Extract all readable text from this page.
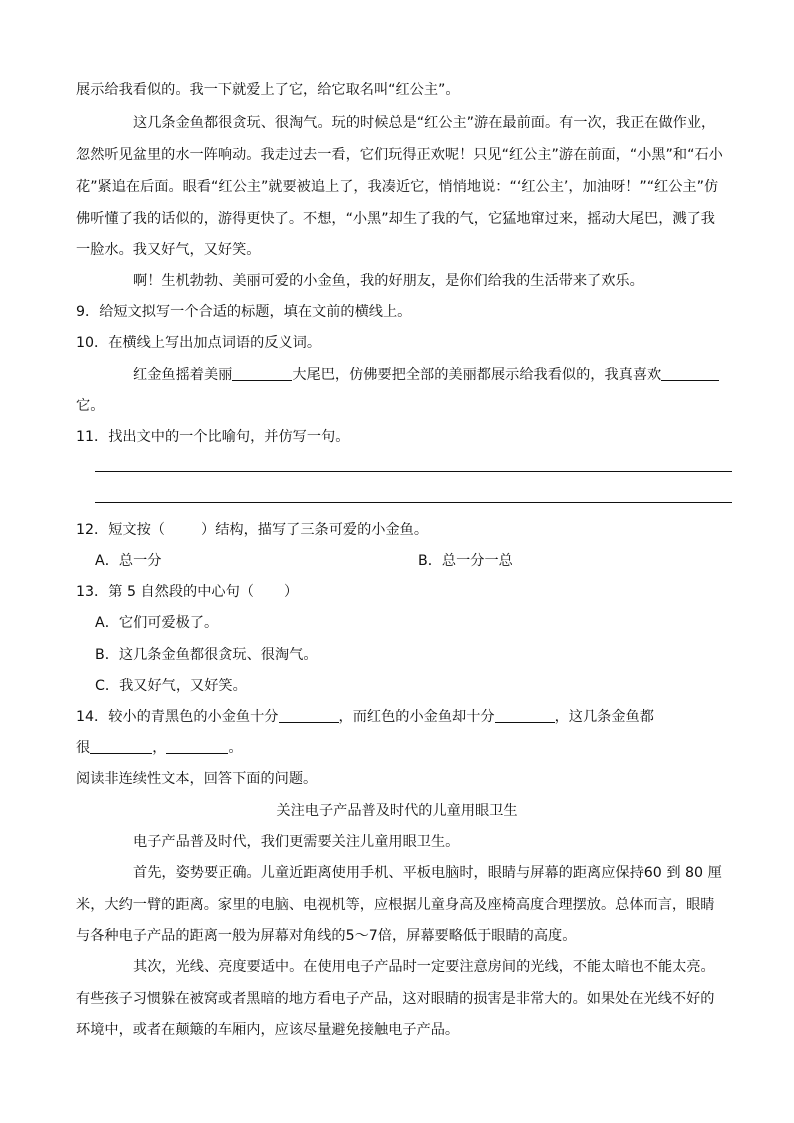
展示给我看似的。我一下就爱上了它，给它取名叫“红公主”。
这几条金鱼都很贪玩、很淘气。玩的时候总是“红公主”游在最前面。有一次，我正在做作业，
忽然听见盆里的水一阵响动。我走过去一看，它们玩得正欢呢！只见“红公主”游在前面，“小黑”和“石小
花”紧追在后面。眼看“红公主”就要被追上了，我凑近它，悄悄地说：“‘红公主’，加油呀！”“红公主”仿
佛听懂了我的话似的，游得更快了。不想，“小黑”却生了我的气，它猛地窜过来，摇动大尾巴，溅了我
一脸水。我又好气，又好笑。
啊！生机勃勃、美丽可爱的小金鱼，我的好朋友，是你们给我的生活带来了欢乐。
9．给短文拟写一个合适的标题，填在文前的横线上。
10．在横线上写出加点词语的反义词。
红金鱼摇着美丽	大尾巴，仿佛要把全部的美丽都展示给我看似的，我真喜欢
它。
11．找出文中的一个比喻句，并仿写一句。
12．短文按（	）结构，描写了三条可爱的小金鱼。
A．总一分	B．总一分一总
13．第 5 自然段的中心句（ ）
A．它们可爱极了。
B．这几条金鱼都很贪玩、很淘气。
C．我又好气，又好笑。
14．较小的青黑色的小金鱼十分	，而红色的小金鱼却十分	，这几条金鱼都
很	，	。
阅读非连续性文本，回答下面的问题。
关注电子产品普及时代的儿童用眼卫生
电子产品普及时代，我们更需要关注儿童用眼卫生。
首先，姿势要正确。儿童近距离使用手机、平板电脑时，眼睛与屏幕的距离应保持60 到 80 厘
米，大约一臂的距离。家里的电脑、电视机等，应根据儿童身高及座椅高度合理摆放。总体而言，眼睛
与各种电子产品的距离一般为屏幕对角线的5～7倍，屏幕要略低于眼睛的高度。
其次，光线、亮度要适中。在使用电子产品时一定要注意房间的光线，不能太暗也不能太亮。
有些孩子习惯躲在被窝或者黑暗的地方看电子产品，这对眼睛的损害是非常大的。如果处在光线不好的
环境中，或者在颠簸的车厢内，应该尽量避免接触电子产品。
